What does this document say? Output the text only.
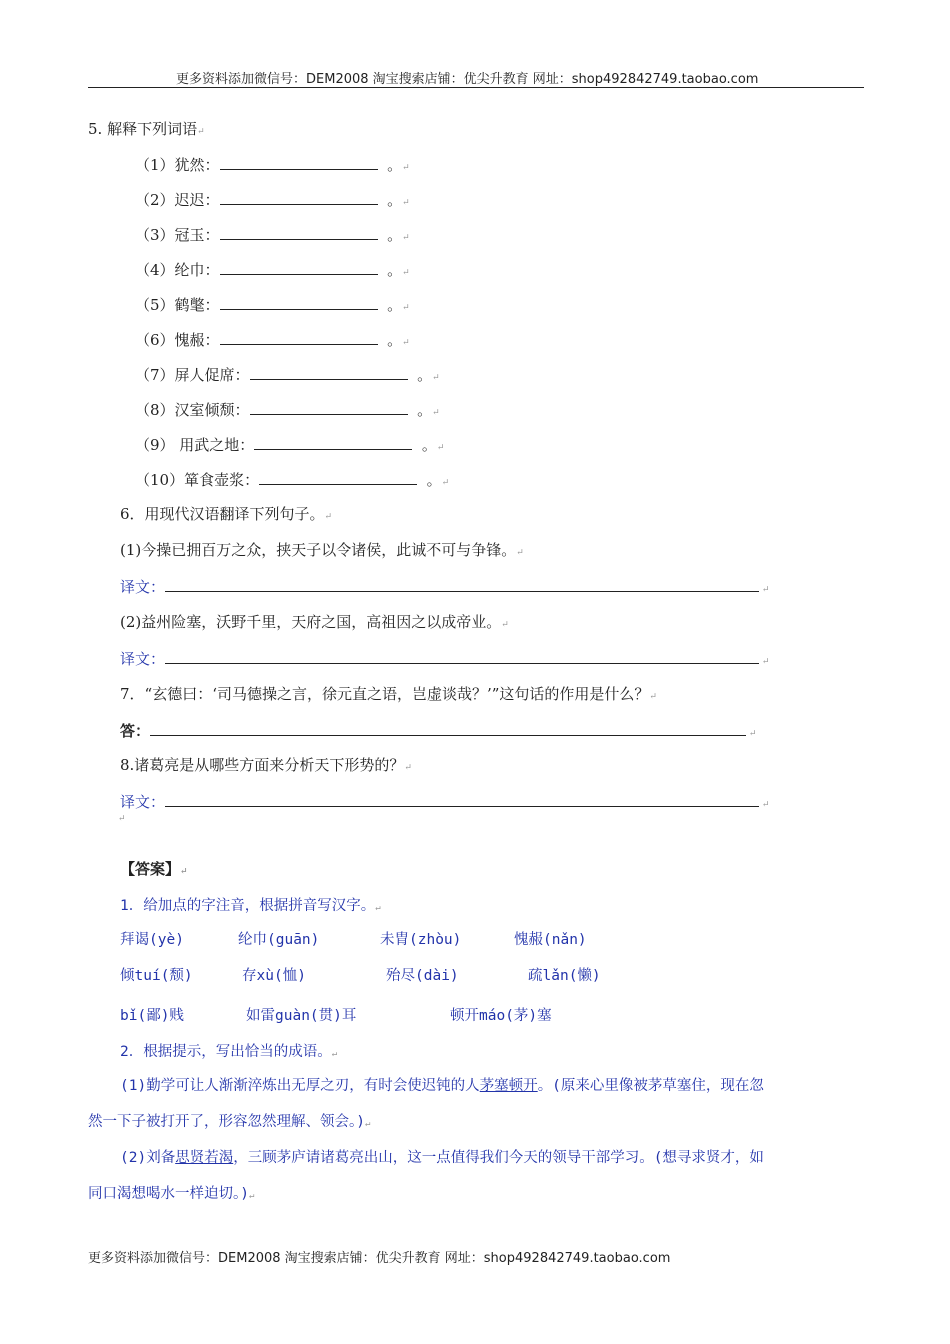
更多资料添加微信号：DEM2008 淘宝搜索店铺：优尖升教育 网址：shop492842749.taobao.com
5. 解释下列词语↵
（1）犹然：	。↵
（2）迟迟：	。↵
（3）冠玉：	。↵
（4）纶巾：	。↵
（5）鹤氅：	。↵
（6）愧赧：	。↵
（7）屏人促席：	。↵
（8）汉室倾颓：	。↵
（9） 用武之地：	。↵
（10）箪食壶浆：	。↵
6．用现代汉语翻译下列句子。↵
(1)今操已拥百万之众，挟天子以令诸侯，此诚不可与争锋。↵
译文：	↵
(2)益州险塞，沃野千里，天府之国，高祖因之以成帝业。↵
译文：	↵
7．“玄德曰：‘司马德操之言，徐元直之语，岂虚谈哉？’”这句话的作用是什么？↵
答：	↵
8.诸葛亮是从哪些方面来分析天下形势的？↵
译文：	↵
↵
【答案】↵
1．给加点的字注音，根据拼音写汉字。↵
拜谒(yè)	纶巾(guān)	未胄(zhòu)	愧赧(nǎn)
倾tuí(颓)	存xù(恤)	殆尽(dài)	疏lǎn(懒)
bǐ(鄙)贱	如雷guàn(贯)耳	顿开máo(茅)塞
2．根据提示，写出恰当的成语。↵
(1)勤学可让人渐渐淬炼出无厚之刃，有时会使迟钝的人茅塞顿开。(原来心里像被茅草塞住，现在忽
然一下子被打开了，形容忽然理解、领会。)↵
(2)刘备思贤若渴，三顾茅庐请诸葛亮出山，这一点值得我们今天的领导干部学习。(想寻求贤才，如
同口渴想喝水一样迫切。)↵
更多资料添加微信号：DEM2008 淘宝搜索店铺：优尖升教育 网址：shop492842749.taobao.com
